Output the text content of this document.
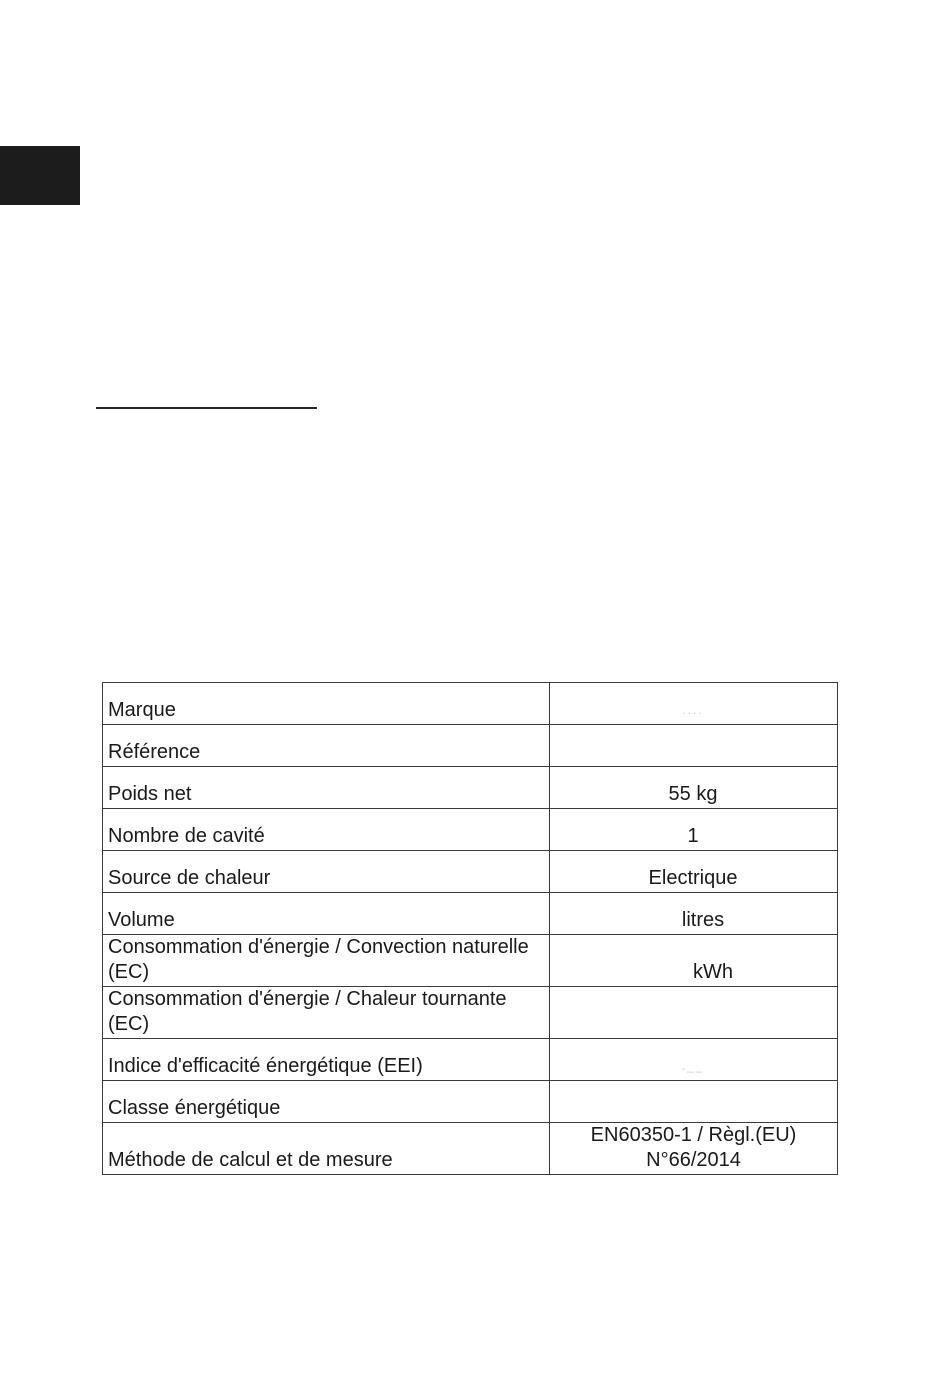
Marque	....
Référence	
Poids net	55 kg
Nombre de cavité	1
Source de chaleur	Electrique
Volume	litres
Consommation d'énergie / Convection naturelle (EC)	kWh
Consommation d'énergie / Chaleur tournante (EC)	
Indice d'efficacité énergétique (EEI)	.__
Classe énergétique	
Méthode de calcul et de mesure	EN60350-1 / Règl.(EU) N°66/2014
